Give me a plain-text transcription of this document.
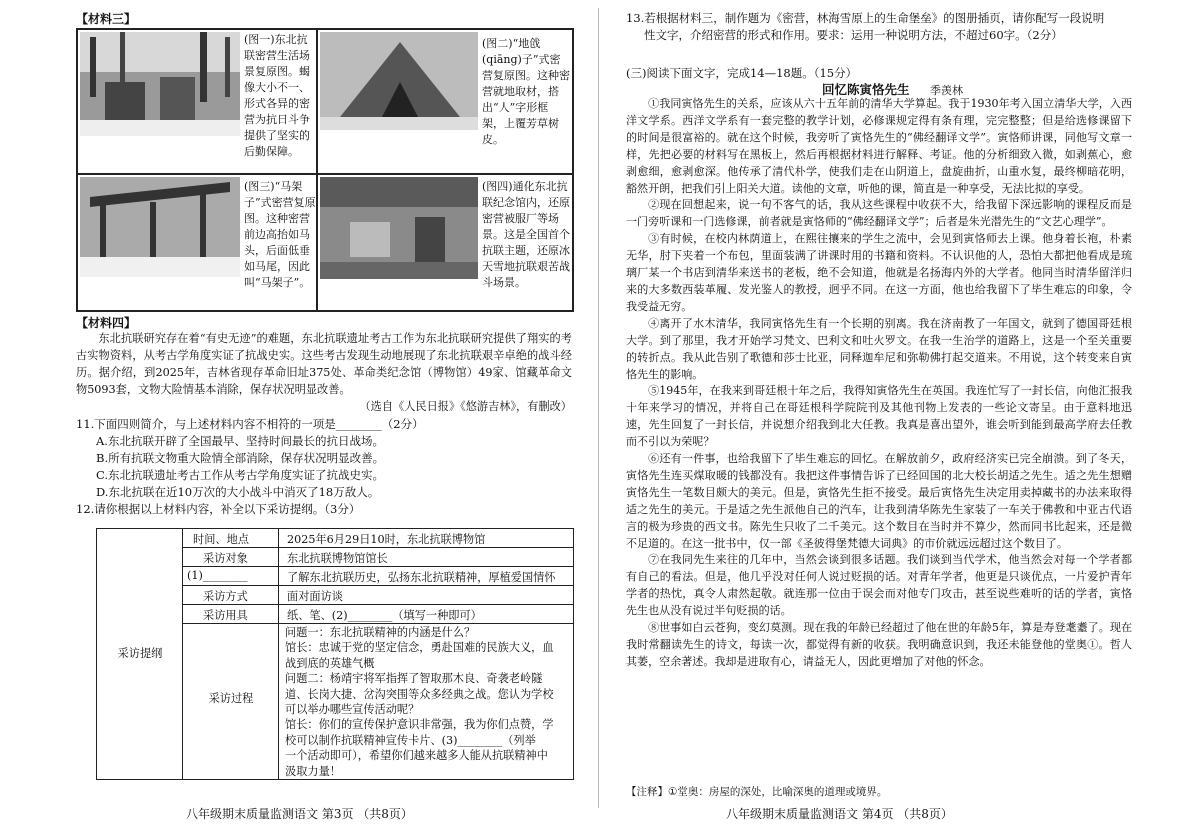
【材料三】
(图一)东北抗联密营生活场景复原图。蝎像大小不一、形式各异的密营为抗日斗争提供了坚实的后勤保障。
(图二)“地戗(qiāng)子”式密营复原图。这种密营就地取材，搭出“人”字形框架，上覆芳草树皮。
(图三)“马架子”式密营复原图。这种密营前边高抬如马头，后面低垂如马尾，因此叫“马架子”。
(图四)通化东北抗联纪念馆内，还原密营被服厂等场景。这是全国首个抗联主题，还原冰天雪地抗联艰苦战斗场景。
【材料四】
东北抗联研究存在着“有史无迹”的难题，东北抗联遗址考古工作为东北抗联研究提供了翔实的考古实物资料，从考古学角度实证了抗战史实。这些考古发现生动地展现了东北抗联艰辛卓绝的战斗经历。据介绍，到2025年，吉林省现存革命旧址375处、革命类纪念馆（博物馆）49家、馆藏革命文物5093套，文物大险情基本消除，保存状况明显改善。
（选自《人民日报》《悠游吉林》，有删改）
11.下面四则简介，与上述材料内容不相符的一项是________（2分）
A.东北抗联开辟了全国最早、坚持时间最长的抗日战场。
B.所有抗联文物重大险情全部消除，保存状况明显改善。
C.东北抗联遗址考古工作从考古学角度实证了抗战史实。
D.东北抗联在近10万次的大小战斗中消灭了18万敌人。
12.请你根据以上材料内容，补全以下采访提纲。（3分）
采访提纲
时间、地点	2025年6月29日10时，东北抗联博物馆
采访对象	东北抗联博物馆馆长
(1)________	了解东北抗联历史，弘扬东北抗联精神，厚植爱国情怀
采访方式	面对面访谈
采访用具	纸、笔、(2)________（填写一种即可）
采访过程
问题一：东北抗联精神的内涵是什么？
馆长：忠诚于党的坚定信念，勇赴国难的民族大义，血
战到底的英雄气概
问题二：杨靖宇将军指挥了智取那木良、奇袭老岭隧
道、长岗大捷、岔沟突围等众多经典之战。您认为学校
可以举办哪些宣传活动呢？
馆长：你们的宣传保护意识非常强，我为你们点赞，学
校可以制作抗联精神宣传卡片、(3)________（列举
一个活动即可），希望你们越来越多人能从抗联精神中
汲取力量！
八年级期末质量监测语文 第3页 （共8页）
13.若根据材料三，制作题为《密营，林海雪原上的生命堡垒》的图册插页，请你配写一段说明
性文字，介绍密营的形式和作用。要求：运用一种说明方法，不超过60字。（2分）
(三)阅读下面文字，完成14—18题。（15分）
回忆陈寅恪先生 季羡林
①我同寅恪先生的关系，应该从六十五年前的清华大学算起。我于1930年考入国立清华大学，入西洋文学系。西洋文学系有一套完整的教学计划，必修课规定得有条有理，完完整整；但是给选修课留下的时间是很富裕的。就在这个时候，我旁听了寅恪先生的“佛经翻译文学”。寅恪师讲课，同他写文章一样，先把必要的材料写在黑板上，然后再根据材料进行解释、考证。他的分析细致入微，如剥蕉心，愈剥愈细，愈剥愈深。他传承了清代朴学，使我们走在山阴道上，盘旋曲折，山重水复，最终柳暗花明，豁然开朗，把我们引上阳关大道。读他的文章，听他的课，简直是一种享受，无法比拟的享受。
②现在回想起来，说一句不客气的话，我从这些课程中收获不大，给我留下深远影响的课程反而是一门旁听课和一门选修课，前者就是寅恪师的“佛经翻译文学”；后者是朱光潜先生的“文艺心理学”。
③有时候，在校内林荫道上，在熙往攘来的学生之流中，会见到寅恪师去上课。他身着长袍，朴素无华，肘下夹着一个布包，里面装满了讲课时用的书籍和资料。不认识他的人，恐怕大都把他看成是琉璃厂某一个书店到清华来送书的老板，绝不会知道，他就是名扬海内外的大学者。他同当时清华留洋归来的大多数西装革履、发光鉴人的教授，迥乎不同。在这一方面，他也给我留下了毕生难忘的印象，令我受益无穷。
④离开了水木清华，我同寅恪先生有一个长期的别离。我在济南教了一年国文，就到了德国哥廷根大学。到了那里，我才开始学习梵文、巴利文和吐火罗文。在我一生治学的道路上，这是一个至关重要的转折点。我从此告别了歌德和莎士比亚，同释迦牟尼和弥勒佛打起交道来。不用说，这个转变来自寅恪先生的影响。
⑤1945年，在我来到哥廷根十年之后，我得知寅恪先生在英国。我连忙写了一封长信，向他汇报我十年来学习的情况，并将自己在哥廷根科学院院刊及其他刊物上发表的一些论文寄呈。由于意料地迅速，先生回复了一封长信，并说想介绍我到北大任教。我真是喜出望外，谁会听到能到最高学府去任教而不引以为荣呢？
⑥还有一件事，也给我留下了毕生难忘的回忆。在解放前夕，政府经济实已完全崩溃。到了冬天，寅恪先生连买煤取暖的钱都没有。我把这件事情告诉了已经回国的北大校长胡适之先生。适之先生想赠寅恪先生一笔数目颇大的美元。但是，寅恪先生拒不接受。最后寅恪先生决定用卖掉藏书的办法来取得适之先生的美元。于是适之先生派他自己的汽车，让我到清华陈先生家装了一车关于佛教和中亚古代语言的极为珍贵的西文书。陈先生只收了二千美元。这个数目在当时并不算少，然而同书比起来，还是微不足道的。在这一批书中，仅一部《圣彼得堡梵德大词典》的市价就远远超过这个数目了。
⑦在我同先生来往的几年中，当然会谈到很多话题。我们谈到当代学术，他当然会对每一个学者都有自己的看法。但是，他几乎没对任何人说过贬损的话。对青年学者，他更是只谈优点，一片爱护青年学者的热忱，真令人肃然起敬。就连那一位由于误会而对他专门攻击，甚至说些难听的话的学者，寅恪先生也从没有说过半句贬损的话。
⑧世事如白云苍狗，变幻莫测。现在我的年龄已经超过了他在世的年龄5年，算是寿登耄耋了。现在我时常翻读先生的诗文，每读一次，都觉得有新的收获。我明确意识到，我还未能登他的堂奥①。哲人其萎，空余著述。我却是进取有心，请益无人，因此更增加了对他的怀念。
【注释】①堂奥：房屋的深处，比喻深奥的道理或境界。
八年级期末质量监测语文 第4页 （共8页）
